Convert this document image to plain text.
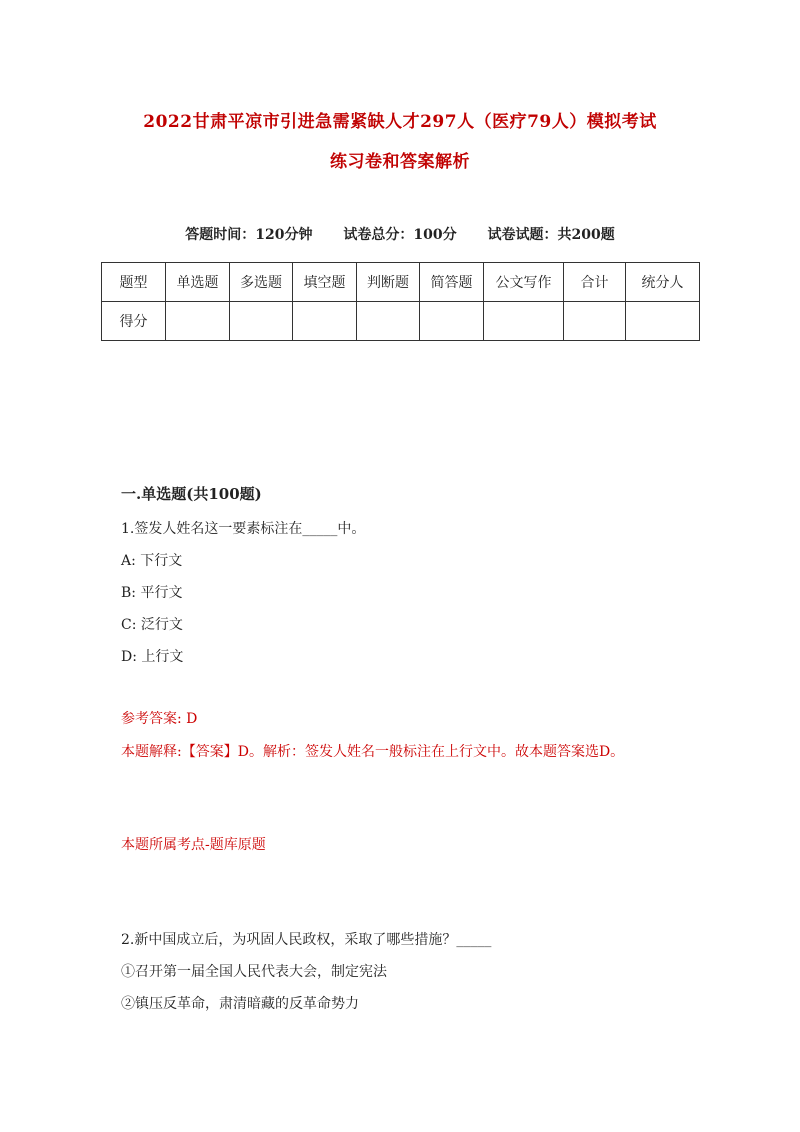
2022甘肃平凉市引进急需紧缺人才297人（医疗79人）模拟考试
练习卷和答案解析
答题时间：120分钟 试卷总分：100分 试卷试题：共200题
题型	单选题	多选题	填空题	判断题	简答题	公文写作	合计	统分人
得分								
一.单选题(共100题)
1.签发人姓名这一要素标注在_____中。
A: 下行文
B: 平行文
C: 泛行文
D: 上行文
参考答案: D
本题解释:【答案】D。解析：签发人姓名一般标注在上行文中。故本题答案选D。
本题所属考点-题库原题
2.新中国成立后，为巩固人民政权，采取了哪些措施？_____
①召开第一届全国人民代表大会，制定宪法
②镇压反革命，肃清暗藏的反革命势力
